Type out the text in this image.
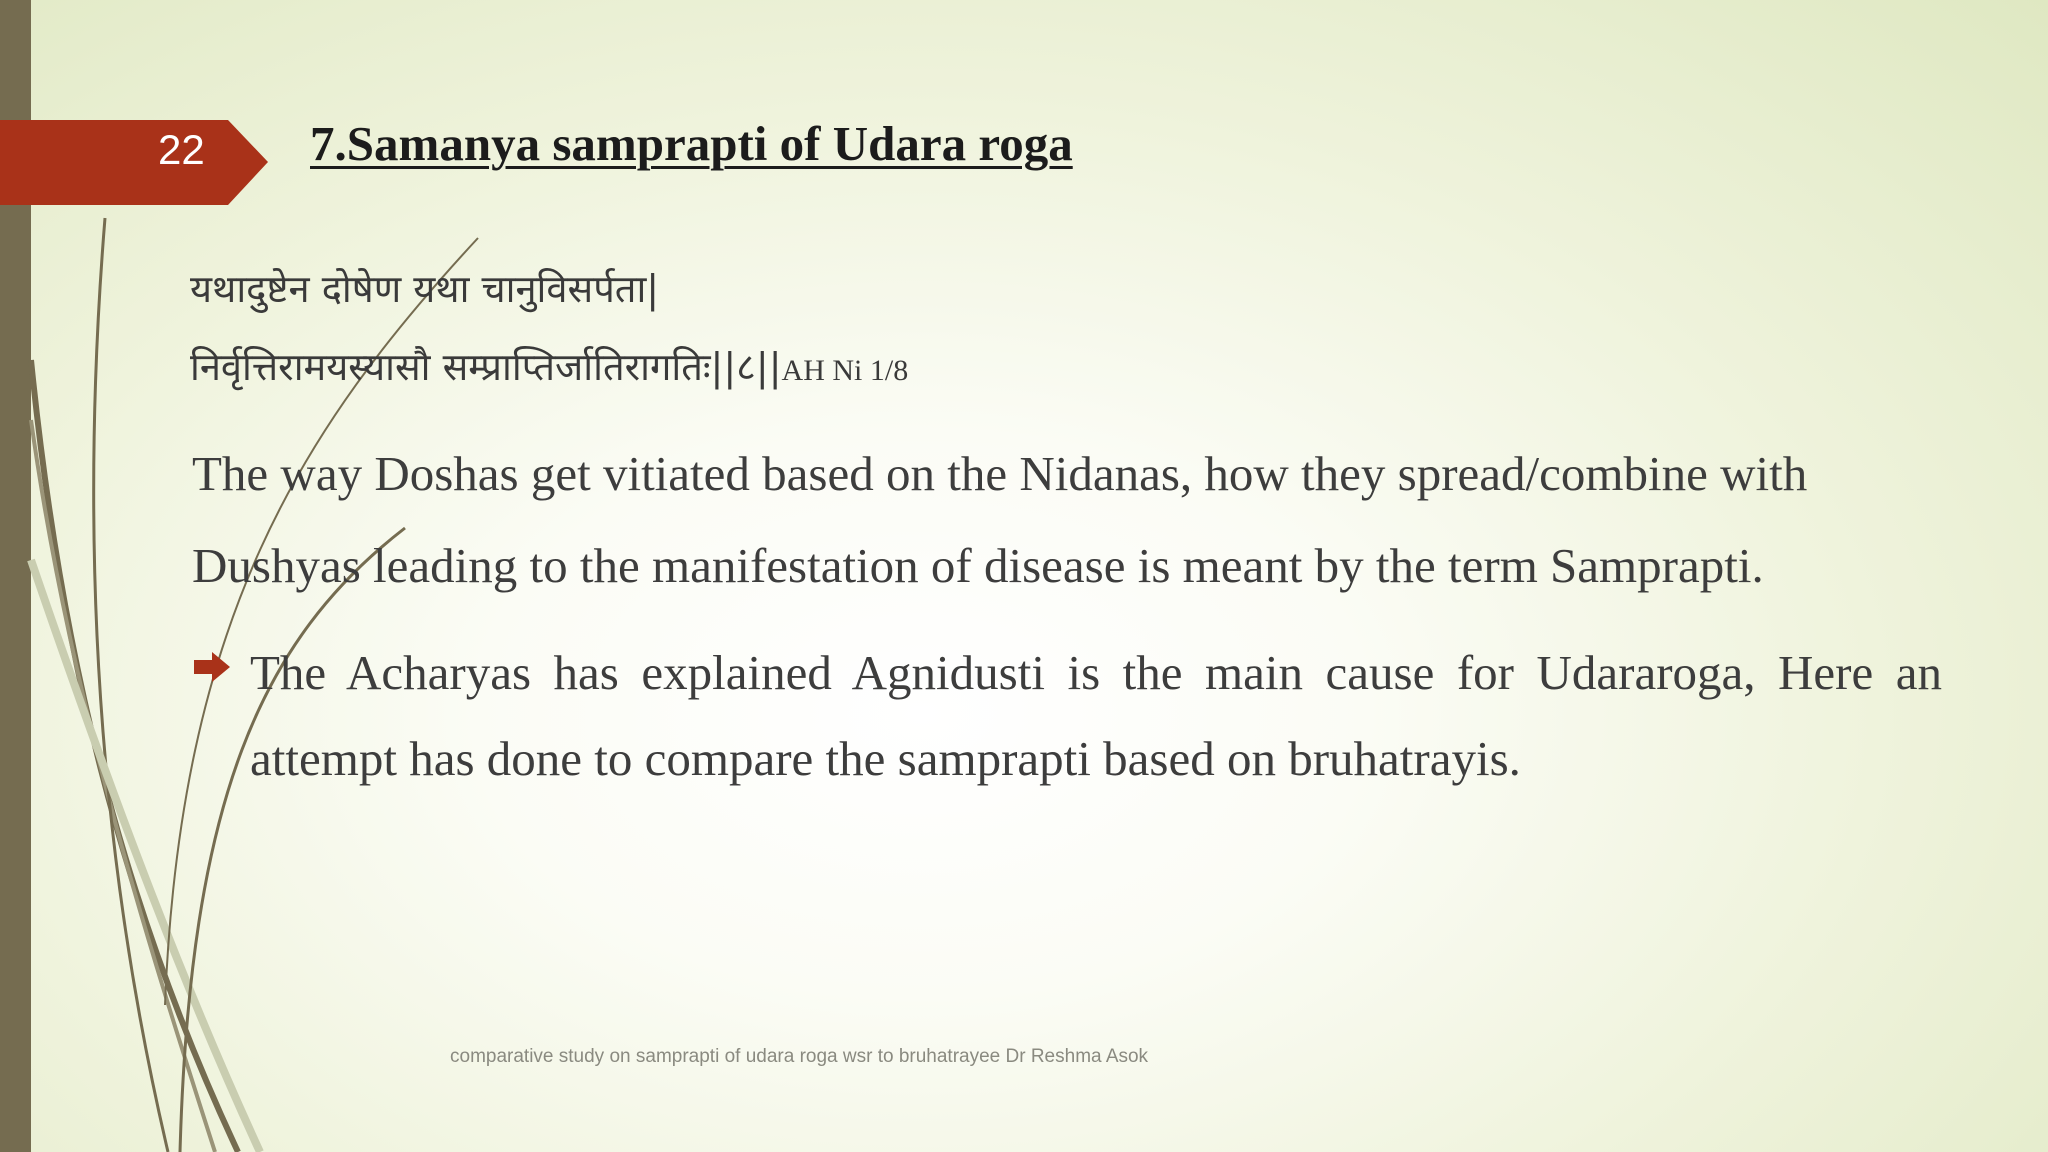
22 7.Samanya samprapti of Udara roga
यथादुष्टेन दोषेण यथा चानुविसर्पता|
निर्वृत्तिरामयस्यासौ सम्प्राप्तिर्जातिरागतिः||८||AH Ni 1/8
The way Doshas get vitiated based on the Nidanas, how they spread/combine with
Dushyas leading to the manifestation of disease is meant by the term Samprapti.
The Acharyas has explained Agnidusti is the main cause for Udararoga, Here an attempt has done to compare the samprapti based on bruhatrayis.
comparative study on samprapti of udara roga wsr to bruhatrayee Dr Reshma Asok
